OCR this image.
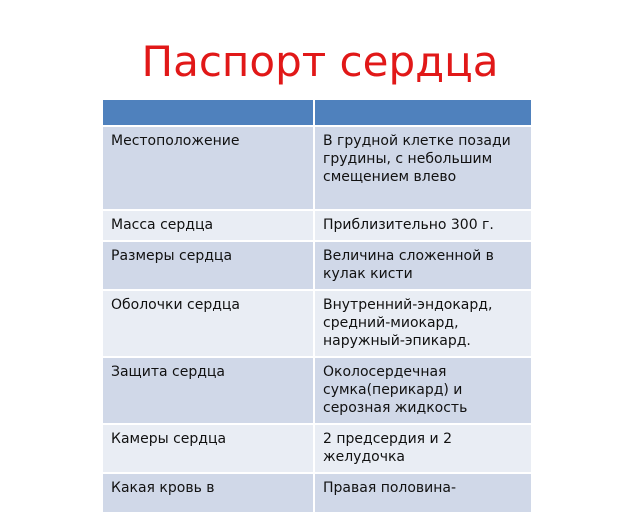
Паспорт сердца

Местоположение	В грудной клетке позади грудины, с небольшим смещением влево
Масса сердца	Приблизительно 300 г.
Размеры сердца	Величина сложенной в кулак кисти
Оболочки сердца	Внутренний-эндокард, средний-миокард, наружный-эпикард.
Защита сердца	Околосердечная сумка(перикард) и серозная жидкость
Камеры сердца	2 предсердия и 2 желудочка
Какая кровь в	Правая половина-
